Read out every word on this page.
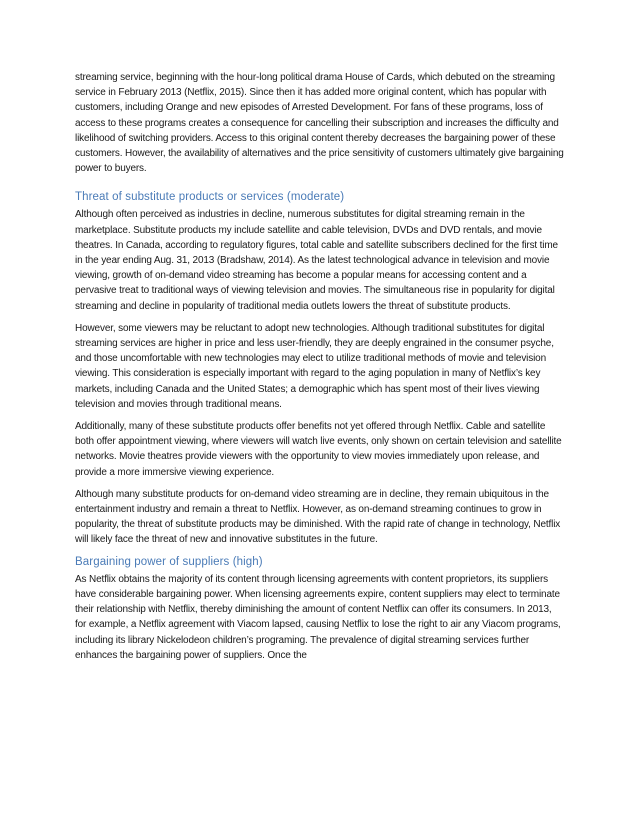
streaming service, beginning with the hour-long political drama House of Cards, which debuted on the streaming service in February 2013 (Netflix, 2015). Since then it has added more original content, which has popular with customers, including Orange and new episodes of Arrested Development. For fans of these programs, loss of access to these programs creates a consequence for cancelling their subscription and increases the difficulty and likelihood of switching providers. Access to this original content thereby decreases the bargaining power of these customers. However, the availability of alternatives and the price sensitivity of customers ultimately give bargaining power to buyers.

Threat of substitute products or services (moderate)

Although often perceived as industries in decline, numerous substitutes for digital streaming remain in the marketplace. Substitute products my include satellite and cable television, DVDs and DVD rentals, and movie theatres. In Canada, according to regulatory figures, total cable and satellite subscribers declined for the first time in the year ending Aug. 31, 2013 (Bradshaw, 2014). As the latest technological advance in television and movie viewing, growth of on-demand video streaming has become a popular means for accessing content and a pervasive treat to traditional ways of viewing television and movies. The simultaneous rise in popularity for digital streaming and decline in popularity of traditional media outlets lowers the threat of substitute products.

However, some viewers may be reluctant to adopt new technologies. Although traditional substitutes for digital streaming services are higher in price and less user-friendly, they are deeply engrained in the consumer psyche, and those uncomfortable with new technologies may elect to utilize traditional methods of movie and television viewing. This consideration is especially important with regard to the aging population in many of Netflix’s key markets, including Canada and the United States; a demographic which has spent most of their lives viewing television and movies through traditional means.

Additionally, many of these substitute products offer benefits not yet offered through Netflix. Cable and satellite both offer appointment viewing, where viewers will watch live events, only shown on certain television and satellite networks. Movie theatres provide viewers with the opportunity to view movies immediately upon release, and provide a more immersive viewing experience.

Although many substitute products for on-demand video streaming are in decline, they remain ubiquitous in the entertainment industry and remain a threat to Netflix. However, as on-demand streaming continues to grow in popularity, the threat of substitute products may be diminished. With the rapid rate of change in technology, Netflix will likely face the threat of new and innovative substitutes in the future.

Bargaining power of suppliers (high)

As Netflix obtains the majority of its content through licensing agreements with content proprietors, its suppliers have considerable bargaining power. When licensing agreements expire, content suppliers may elect to terminate their relationship with Netflix, thereby diminishing the amount of content Netflix can offer its consumers. In 2013, for example, a Netflix agreement with Viacom lapsed, causing Netflix to lose the right to air any Viacom programs, including its library Nickelodeon children’s programing. The prevalence of digital streaming services further enhances the bargaining power of suppliers. Once the
